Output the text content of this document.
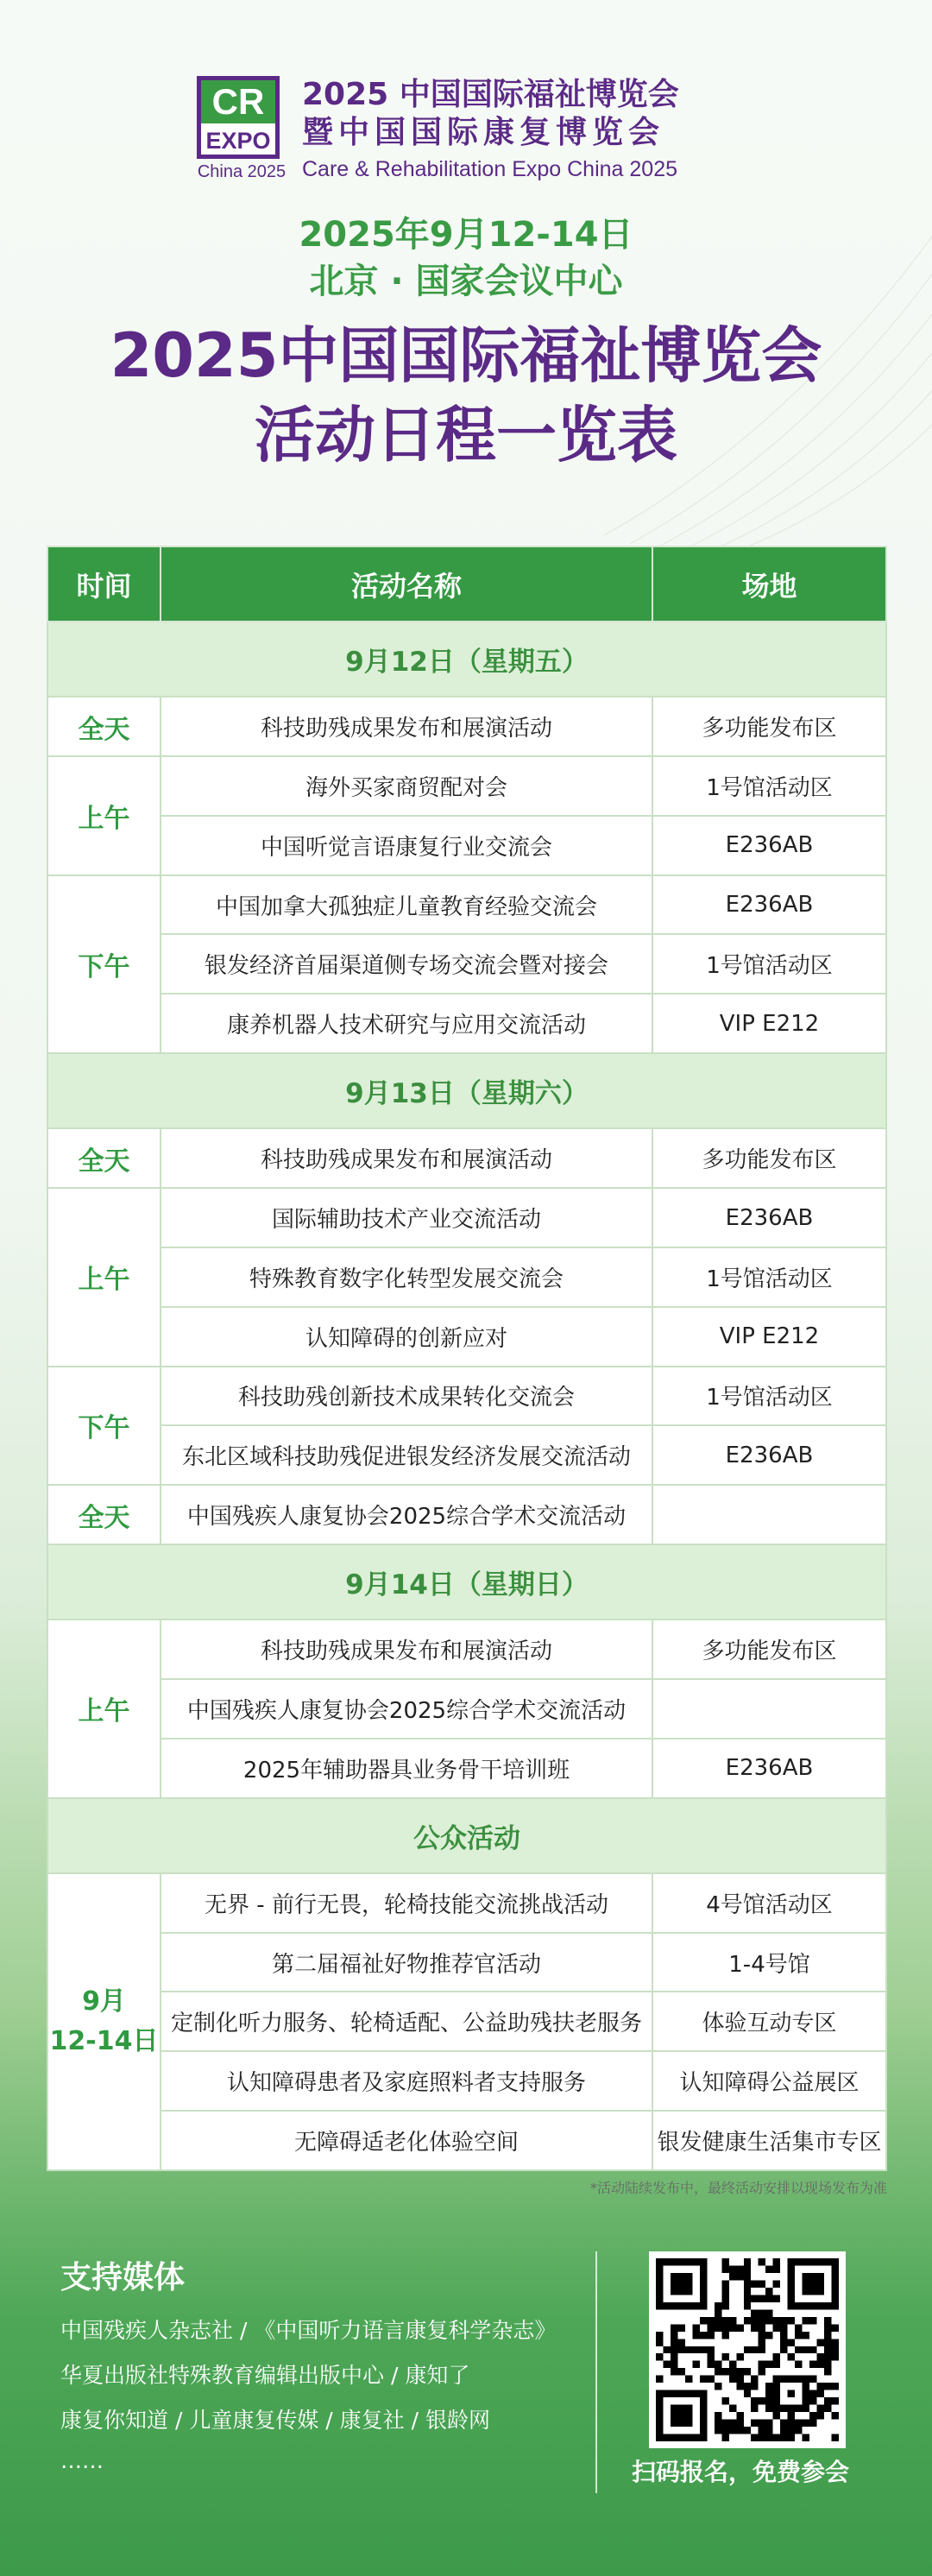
CR
EXPO
China 2025
2025 中国国际福祉博览会
暨中国国际康复博览会
Care & Rehabilitation Expo China 2025
2025年9月12-14日
北京 · 国家会议中心
2025中国国际福祉博览会
活动日程一览表
时间	活动名称	场地
9月12日（星期五）		
全天	科技助残成果发布和展演活动	多功能发布区
上午	海外买家商贸配对会	1号馆活动区
	中国听觉言语康复行业交流会	E236AB
下午	中国加拿大孤独症儿童教育经验交流会	E236AB
	银发经济首届渠道侧专场交流会暨对接会	1号馆活动区
	康养机器人技术研究与应用交流活动	VIP E212
9月13日（星期六）		
全天	科技助残成果发布和展演活动	多功能发布区
上午	国际辅助技术产业交流活动	E236AB
	特殊教育数字化转型发展交流会	1号馆活动区
	认知障碍的创新应对	VIP E212
下午	科技助残创新技术成果转化交流会	1号馆活动区
	东北区域科技助残促进银发经济发展交流活动	E236AB
全天	中国残疾人康复协会2025综合学术交流活动	
9月14日（星期日）		
上午	科技助残成果发布和展演活动	多功能发布区
	中国残疾人康复协会2025综合学术交流活动	
	2025年辅助器具业务骨干培训班	E236AB
公众活动		
9月
12-14日	无界 - 前行无畏，轮椅技能交流挑战活动	4号馆活动区
	第二届福祉好物推荐官活动	1-4号馆
	定制化听力服务、轮椅适配、公益助残扶老服务	体验互动专区
	认知障碍患者及家庭照料者支持服务	认知障碍公益展区
	无障碍适老化体验空间	银发健康生活集市专区
*活动陆续发布中，最终活动安排以现场发布为准
支持媒体
中国残疾人杂志社 / 《中国听力语言康复科学杂志》
华夏出版社特殊教育编辑出版中心 / 康知了
康复你知道 / 儿童康复传媒 / 康复社 / 银龄网
……	扫码报名，免费参会
